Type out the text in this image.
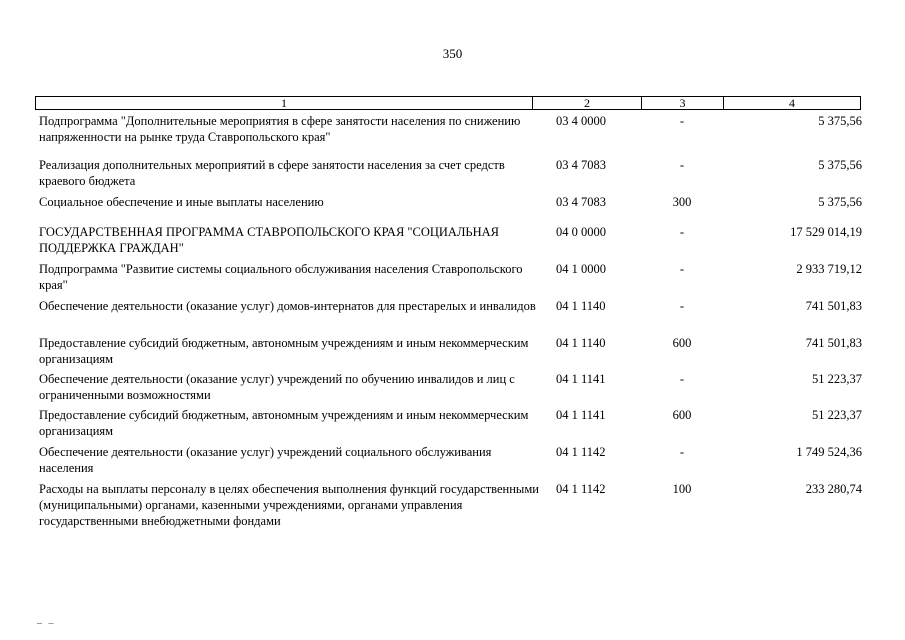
350
1	2	3	4
Подпрограмма "Дополнительные мероприятия в сфере занятости населения по снижению напряженности на рынке труда Ставропольского края"
03 4 0000	-	5 375,56
Реализация дополнительных мероприятий в сфере занятости населения за счет средств краевого бюджета
03 4 7083	-	5 375,56
Социальное обеспечение и иные выплаты населению	03 4 7083	300	5 375,56
ГОСУДАРСТВЕННАЯ ПРОГРАММА СТАВРОПОЛЬСКОГО КРАЯ "СОЦИАЛЬНАЯ ПОДДЕРЖКА ГРАЖДАН"
04 0 0000	-	17 529 014,19
Подпрограмма "Развитие системы социального обслуживания населения Ставропольского края"
04 1 0000	-	2 933 719,12
Обеспечение деятельности (оказание услуг) домов-интернатов для престарелых и инвалидов 04 1 1140	-	741 501,83
Предоставление субсидий бюджетным, автономным учреждениям и иным некоммерческим организациям
04 1 1140	600	741 501,83
Обеспечение деятельности (оказание услуг) учреждений по обучению инвалидов и лиц с ограниченными возможностями
04 1 1141	-	51 223,37
Предоставление субсидий бюджетным, автономным учреждениям и иным некоммерческим организациям
04 1 1141	600	51 223,37
Обеспечение деятельности (оказание услуг) учреждений социального обслуживания населения
04 1 1142	-	1 749 524,36
Расходы на выплаты персоналу в целях обеспечения выполнения функций государственными (муниципальными) органами, казенными учреждениями, органами управления государственными внебюджетными фондами
04 1 1142	100	233 280,74
– –
